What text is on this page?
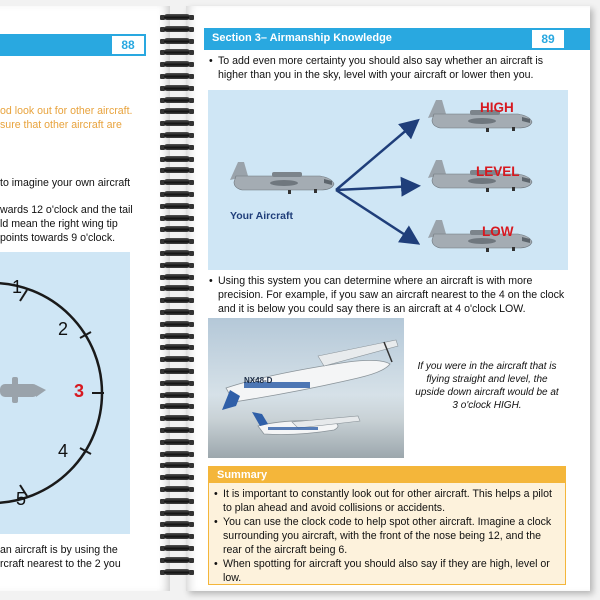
88
od look out for other aircraft.
sure that other aircraft are
to imagine your own aircraft
wards 12 o'clock and the tail
ld mean the right wing tip
points towards 9 o'clock.
1
2
3
4
5
an aircraft is by using the
rcraft nearest to the 2 you
Section 3– Airmanship Knowledge	89
• To add even more certainty you should also say whether an aircraft is higher than you in the sky, level with your aircraft or lower then you.
Your Aircraft
HIGH
LEVEL
LOW
• Using this system you can determine where an aircraft is with more precision. For example, if you saw an aircraft nearest to the 4 on the clock and it is below you could say there is an aircraft at 4 o'clock LOW.
NX48-D
If you were in the aircraft that is flying straight and level, the upside down aircraft would be at 3 o'clock HIGH.
Summary
• It is important to constantly look out for other aircraft. This helps a pilot to plan ahead and avoid collisions or accidents.
• You can use the clock code to help spot other aircraft. Imagine a clock surrounding you aircraft, with the front of the nose being 12, and the rear of the aircraft being 6.
• When spotting for aircraft you should also say if they are high, level or low.
